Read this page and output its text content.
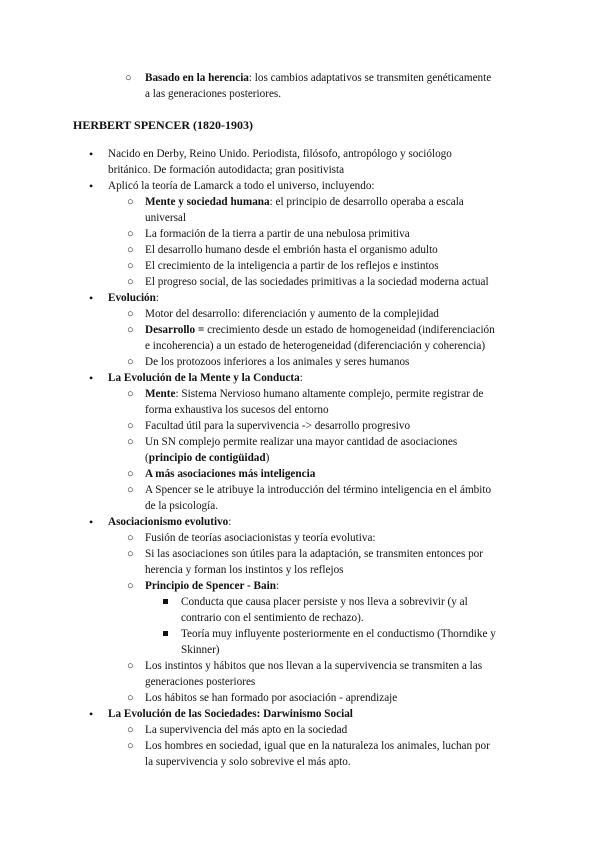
○ Basado en la herencia: los cambios adaptativos se transmiten genéticamente
a las generaciones posteriores.
HERBERT SPENCER (1820-1903)
• Nacido en Derby, Reino Unido. Periodista, filósofo, antropólogo y sociólogo
británico. De formación autodidacta; gran positivista
• Aplicó la teoría de Lamarck a todo el universo, incluyendo:
○ Mente y sociedad humana: el principio de desarrollo operaba a escala
universal
○ La formación de la tierra a partir de una nebulosa primitiva
○ El desarrollo humano desde el embrión hasta el organismo adulto
○ El crecimiento de la inteligencia a partir de los reflejos e instintos
○ El progreso social, de las sociedades primitivas a la sociedad moderna actual
• Evolución:
○ Motor del desarrollo: diferenciación y aumento de la complejidad
○ Desarrollo = crecimiento desde un estado de homogeneidad (indiferenciación
e incoherencia) a un estado de heterogeneidad (diferenciación y coherencia)
○ De los protozoos inferiores a los animales y seres humanos
• La Evolución de la Mente y la Conducta:
○ Mente: Sistema Nervioso humano altamente complejo, permite registrar de
forma exhaustiva los sucesos del entorno
○ Facultad útil para la supervivencia -> desarrollo progresivo
○ Un SN complejo permite realizar una mayor cantidad de asociaciones
(principio de contigüidad)
○ A más asociaciones más inteligencia
○ A Spencer se le atribuye la introducción del término inteligencia en el ámbito
de la psicología.
• Asociacionismo evolutivo:
○ Fusión de teorías asociacionistas y teoría evolutiva:
○ Si las asociaciones son útiles para la adaptación, se transmiten entonces por
herencia y forman los instintos y los reflejos
○ Principio de Spencer - Bain:
Conducta que causa placer persiste y nos lleva a sobrevivir (y al
contrario con el sentimiento de rechazo).
Teoría muy influyente posteriormente en el conductismo (Thorndike y
Skinner)
○ Los instintos y hábitos que nos llevan a la supervivencia se transmiten a las
generaciones posteriores
○ Los hábitos se han formado por asociación - aprendizaje
• La Evolución de las Sociedades: Darwinismo Social
○ La supervivencia del más apto en la sociedad
○ Los hombres en sociedad, igual que en la naturaleza los animales, luchan por
la supervivencia y solo sobrevive el más apto.
